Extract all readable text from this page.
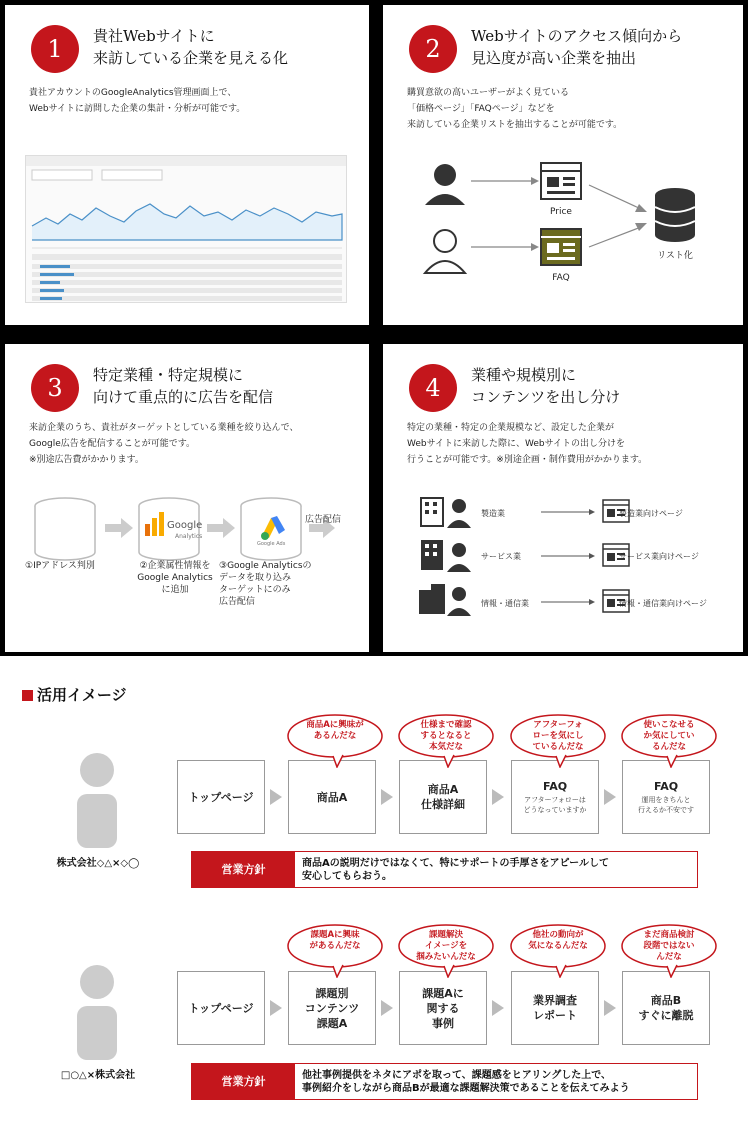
1	貴社Webサイトに
来訪している企業を見える化
貴社アカウントのGoogleAnalytics管理画面上で、
Webサイトに訪問した企業の集計・分析が可能です。
2	Webサイトのアクセス傾向から
見込度が高い企業を抽出
購買意欲の高いユーザーがよく見ている
「価格ページ」「FAQページ」などを
来訪している企業リストを抽出することが可能です。
Price
FAQ
リスト化
3	特定業種・特定規模に
向けて重点的に広告を配信
来訪企業のうち、貴社がターゲットとしている業種を絞り込んで、
Google広告を配信することが可能です。
※別途広告費がかかります。
Google
Analytics
Google Ads
広告配信
①IPアドレス判別	②企業属性情報を
Google Analytics
に追加
③Google Analyticsの
データを取り込み
ターゲットにのみ
広告配信
4	業種や規模別に
コンテンツを出し分け
特定の業種・特定の企業規模など、設定した企業が
Webサイトに来訪した際に、Webサイトの出し分けを
行うことが可能です。※別途企画・制作費用がかかります。
製造業
サービス業
情報・通信業
製造業向けページ
サービス業向けページ
情報・通信業向けページ
活用イメージ
株式会社◇△×◇◯
トップページ	商品A
商品A
仕様詳細
FAQ
アフターフォローは
どうなっていますか
FAQ
運用をきちんと
行えるか不安です
商品Aに興味が
あるんだな
仕様まで確認
するとなると
本気だな
アフターフォ
ローを気にし
ているんだな
使いこなせる
か気にしてい
るんだな
営業方針	商品Aの説明だけではなくて、特にサポートの手厚さをアピールして
安心してもらおう。
□○△×株式会社
トップページ
課題別
コンテンツ
課題A
課題Aに
関する
事例
業界調査
レポート
商品B
すぐに離脱
課題Aに興味
があるんだな
課題解決
イメージを
掴みたいんだな
他社の動向が
気になるんだな
まだ商品検討
段階ではない
んだな
営業方針	他社事例提供をネタにアポを取って、課題感をヒアリングした上で、
事例紹介をしながら商品Bが最適な課題解決策であることを伝えてみよう
